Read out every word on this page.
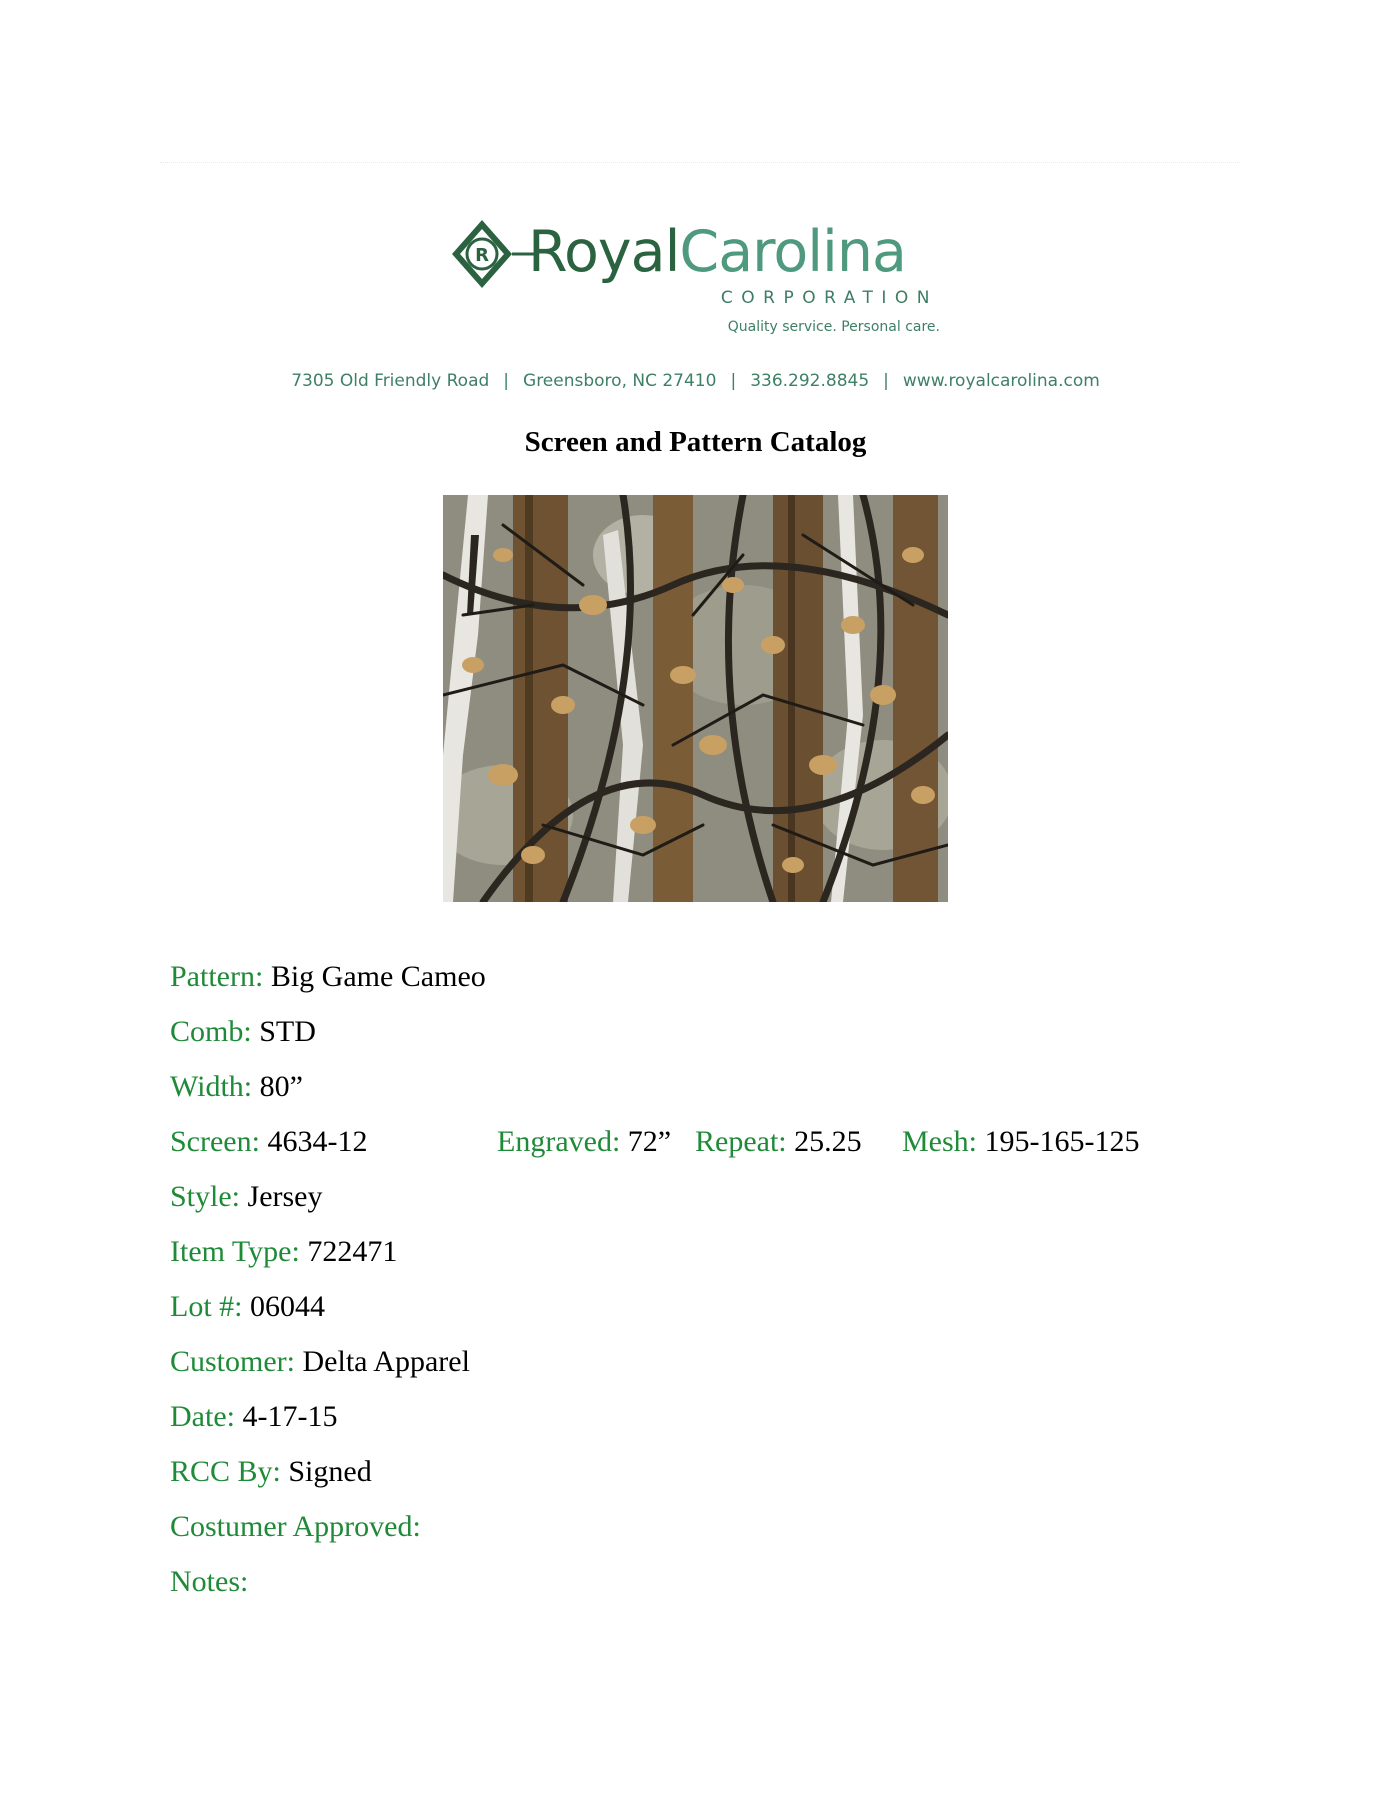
R RoyalCarolina
CORPORATION
Quality service. Personal care.
7305 Old Friendly Road | Greensboro, NC 27410 | 336.292.8845 | www.royalcarolina.com
Screen and Pattern Catalog
Pattern: Big Game Cameo
Comb: STD
Width: 80”
Screen: 4634-12	Engraved: 72” Repeat: 25.25 Mesh: 195-165-125
Style: Jersey
Item Type: 722471
Lot #: 06044
Customer: Delta Apparel
Date: 4-17-15
RCC By: Signed
Costumer Approved:
Notes:
